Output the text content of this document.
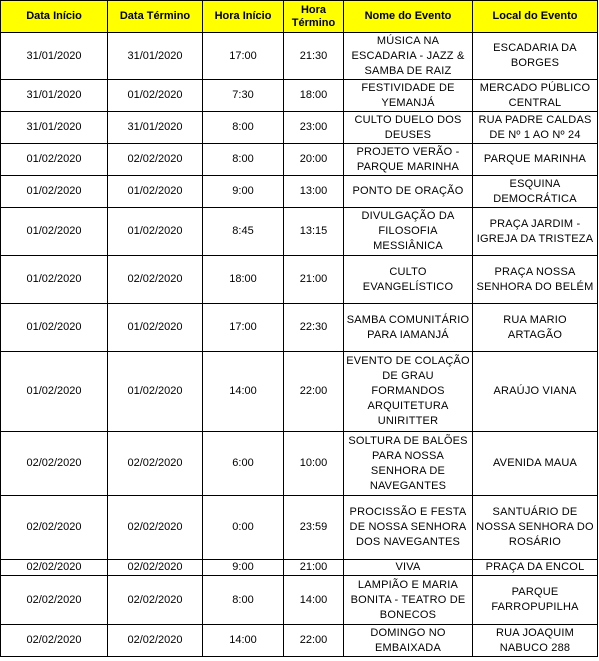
Data Início	Data Término	Hora Início	Hora Término	Nome do Evento	Local do Evento
31/01/2020	31/01/2020	17:00	21:30	MÚSICA NA ESCADARIA - JAZZ & SAMBA DE RAIZ	ESCADARIA DA BORGES
31/01/2020	01/02/2020	7:30	18:00	FESTIVIDADE DE YEMANJÁ	MERCADO PÚBLICO CENTRAL
31/01/2020	31/01/2020	8:00	23:00	CULTO DUELO DOS DEUSES	RUA PADRE CALDAS DE Nº 1 AO Nº 24
01/02/2020	02/02/2020	8:00	20:00	PROJETO VERÃO - PARQUE MARINHA	PARQUE MARINHA
01/02/2020	01/02/2020	9:00	13:00	PONTO DE ORAÇÃO	ESQUINA DEMOCRÁTICA
01/02/2020	01/02/2020	8:45	13:15	DIVULGAÇÃO DA FILOSOFIA MESSIÂNICA	PRAÇA JARDIM - IGREJA DA TRISTEZA
01/02/2020	02/02/2020	18:00	21:00	CULTO EVANGELÍSTICO	PRAÇA NOSSA SENHORA DO BELÉM
01/02/2020	01/02/2020	17:00	22:30	SAMBA COMUNITÁRIO PARA IAMANJÁ	RUA MARIO ARTAGÃO
01/02/2020	01/02/2020	14:00	22:00	EVENTO DE COLAÇÃO DE GRAU FORMANDOS ARQUITETURA UNIRITTER	ARAÚJO VIANA
02/02/2020	02/02/2020	6:00	10:00	SOLTURA DE BALÕES PARA NOSSA SENHORA DE NAVEGANTES	AVENIDA MAUA
02/02/2020	02/02/2020	0:00	23:59	PROCISSÃO E FESTA DE NOSSA SENHORA DOS NAVEGANTES	SANTUÁRIO DE NOSSA SENHORA DO ROSÁRIO
02/02/2020	02/02/2020	9:00	21:00	VIVA	PRAÇA DA ENCOL
02/02/2020	02/02/2020	8:00	14:00	LAMPIÃO E MARIA BONITA - TEATRO DE BONECOS	PARQUE FARROPUPILHA
02/02/2020	02/02/2020	14:00	22:00	DOMINGO NO EMBAIXADA	RUA JOAQUIM NABUCO 288
